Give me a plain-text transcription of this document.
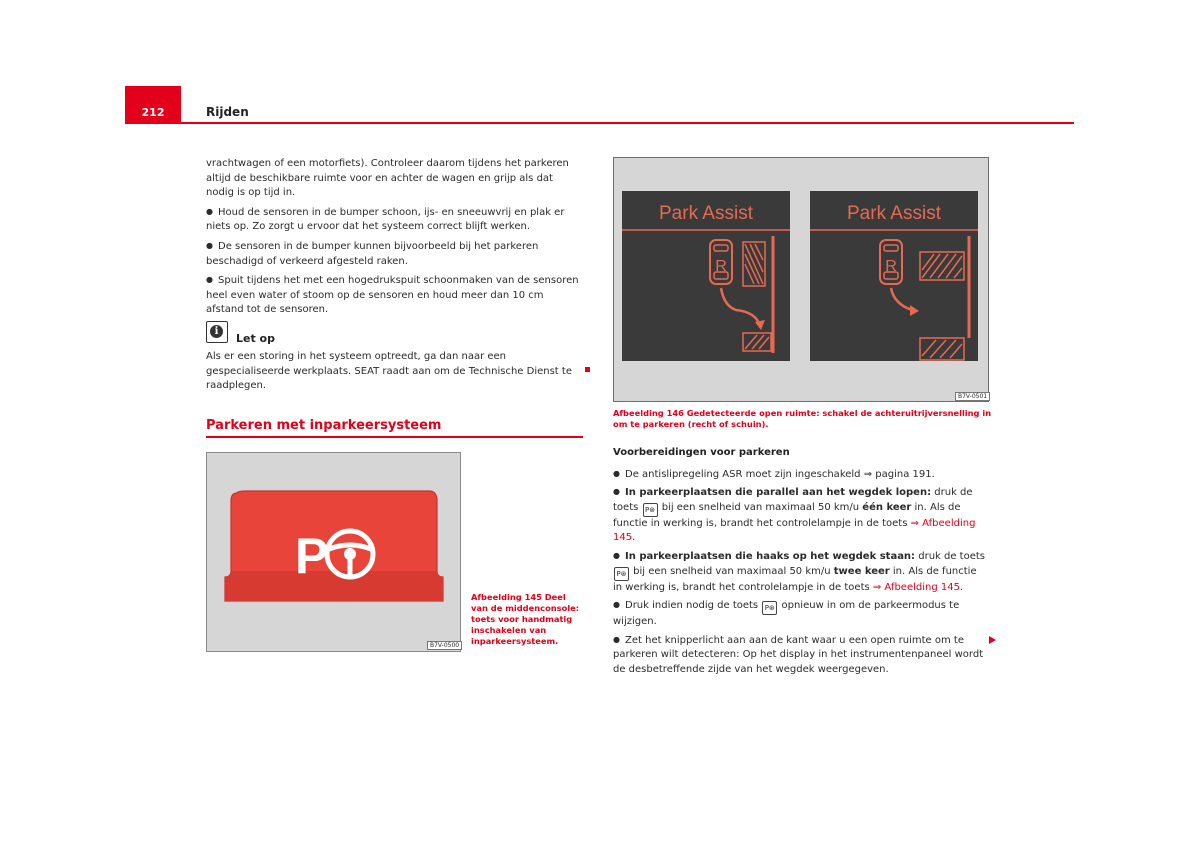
212	Rijden

vrachtwagen of een motorfiets). Controleer daarom tijdens het parkeren altijd de beschikbare ruimte voor en achter de wagen en grijp als dat nodig is op tijd in.

● Houd de sensoren in de bumper schoon, ijs- en sneeuwvrij en plak er niets op. Zo zorgt u ervoor dat het systeem correct blijft werken.

● De sensoren in de bumper kunnen bijvoorbeeld bij het parkeren beschadigd of verkeerd afgesteld raken.

● Spuit tijdens het met een hogedrukspuit schoonmaken van de sensoren heel even water of stoom op de sensoren en houd meer dan 10 cm afstand tot de sensoren.

i
Let op

Als er een storing in het systeem optreedt, ga dan naar een gespecialiseerde werkplaats. SEAT raadt aan om de Technische Dienst te raadplegen.

Parkeren met inparkeersysteem
P
B7V-0500

Afbeelding 145 Deel van de middenconsole: toets voor handmatig inschakelen van inparkeersysteem.

Park Assist
R
Park Assist
R
B7V-0501

Afbeelding 146 Gedetecteerde open ruimte: schakel de achteruitrijversnelling in om te parkeren (recht of schuin).

Voorbereidingen voor parkeren

● De antislipregeling ASR moet zijn ingeschakeld ⇒ pagina 191.

● In parkeerplaatsen die parallel aan het wegdek lopen: druk de toets P⊛ bij een snelheid van maximaal 50 km/u één keer in. Als de functie in werking is, brandt het controlelampje in de toets ⇒ Afbeelding 145.

● In parkeerplaatsen die haaks op het wegdek staan: druk de toets P⊛ bij een snelheid van maximaal 50 km/u twee keer in. Als de functie in werking is, brandt het controlelampje in de toets ⇒ Afbeelding 145.

● Druk indien nodig de toets P⊛ opnieuw in om de parkeermodus te wijzigen.

● Zet het knipperlicht aan aan de kant waar u een open ruimte om te parkeren wilt detecteren: Op het display in het instrumentenpaneel wordt de desbetreffende zijde van het wegdek weergegeven.
